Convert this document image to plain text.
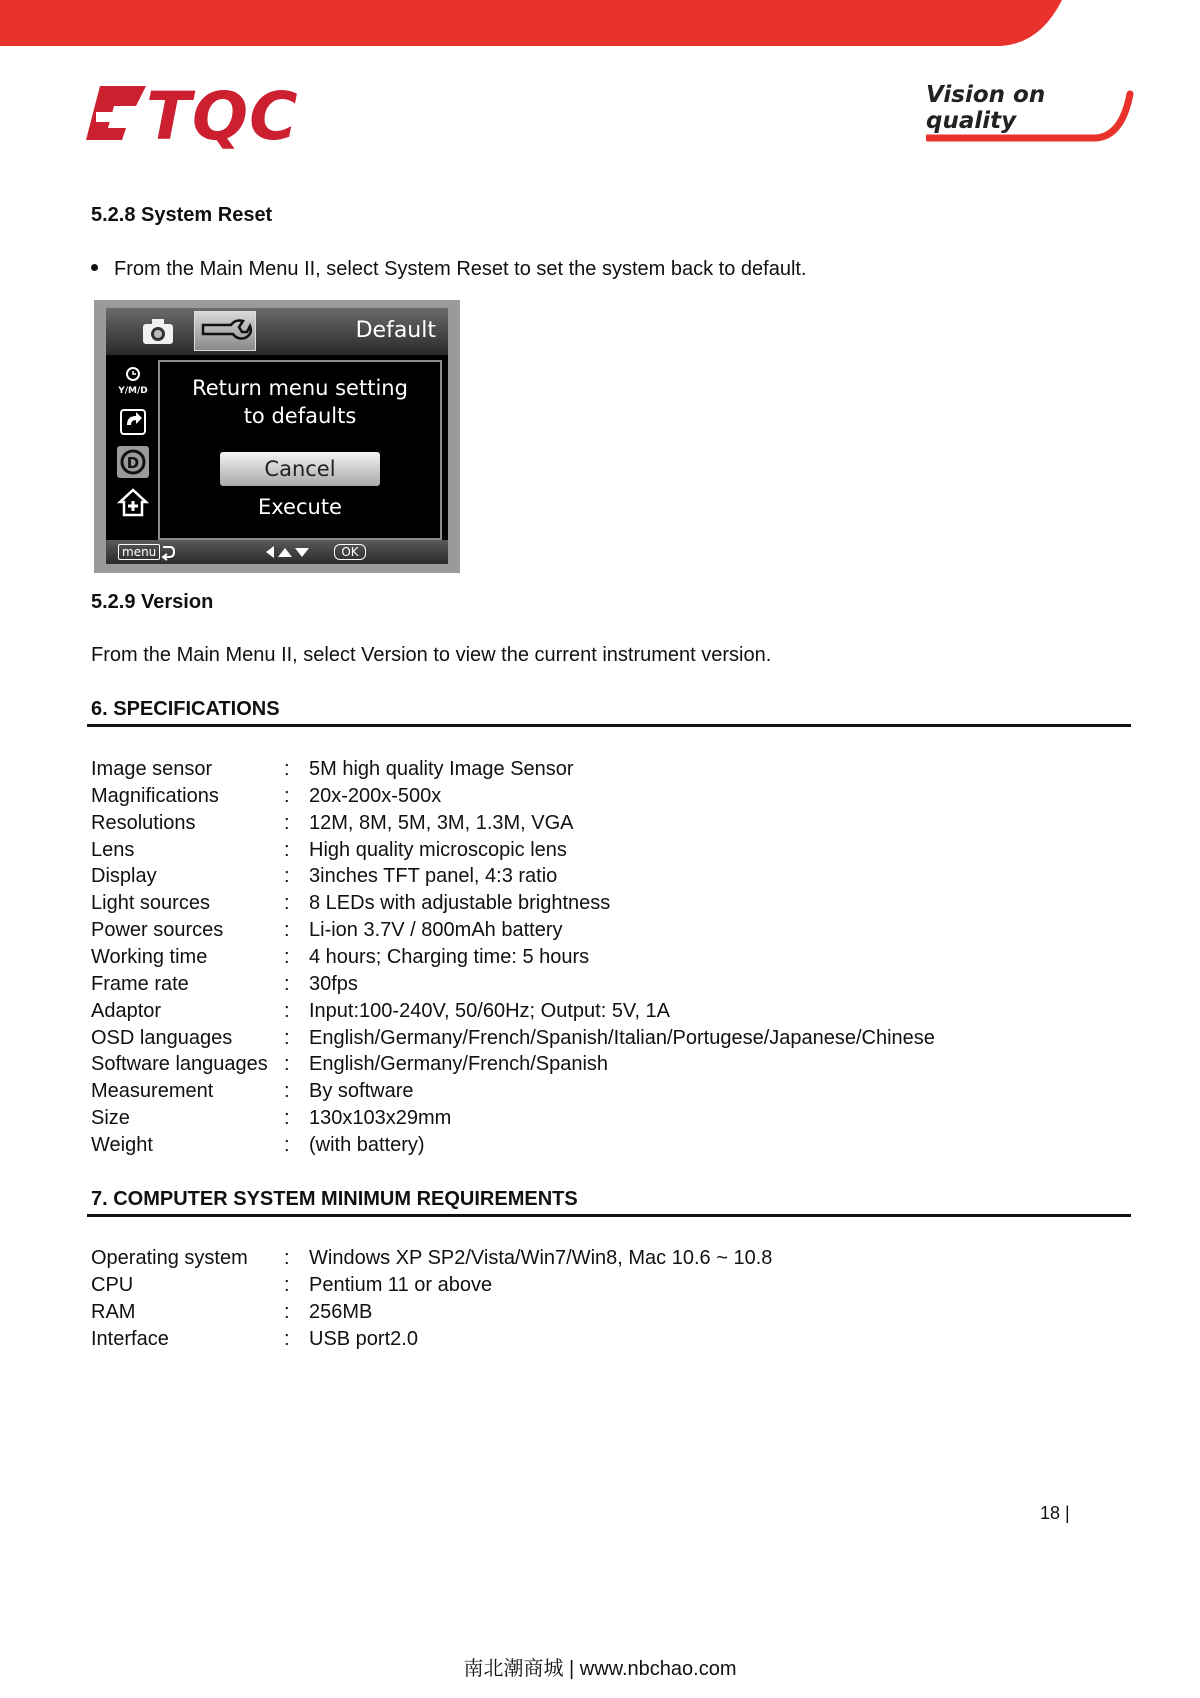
TQC	Vision on quality
5.2.8 System Reset
From the Main Menu II, select System Reset to set the system back to default.
Default
Y/M/D
D
Return menu setting
to defaults
Cancel
Execute
menu	OK
5.2.9 Version
From the Main Menu II, select Version to view the current instrument version.
6. SPECIFICATIONS
Image sensor	: 5M high quality Image Sensor
Magnifications	: 20x-200x-500x
Resolutions	: 12M, 8M, 5M, 3M, 1.3M, VGA
Lens	: High quality microscopic lens
Display	: 3inches TFT panel, 4:3 ratio
Light sources	: 8 LEDs with adjustable brightness
Power sources	: Li-ion 3.7V / 800mAh battery
Working time	: 4 hours; Charging time: 5 hours
Frame rate	: 30fps
Adaptor	: Input:100-240V, 50/60Hz; Output: 5V, 1A
OSD languages	: English/Germany/French/Spanish/Italian/Portugese/Japanese/Chinese
Software languages : English/Germany/French/Spanish
Measurement	: By software
Size	: 130x103x29mm
Weight	: (with battery)
7. COMPUTER SYSTEM MINIMUM REQUIREMENTS
Operating system : Windows XP SP2/Vista/Win7/Win8, Mac 10.6 ~ 10.8
CPU	: Pentium 11 or above
RAM	: 256MB
Interface	: USB port2.0
18 |
南北潮商城 | www.nbchao.com
